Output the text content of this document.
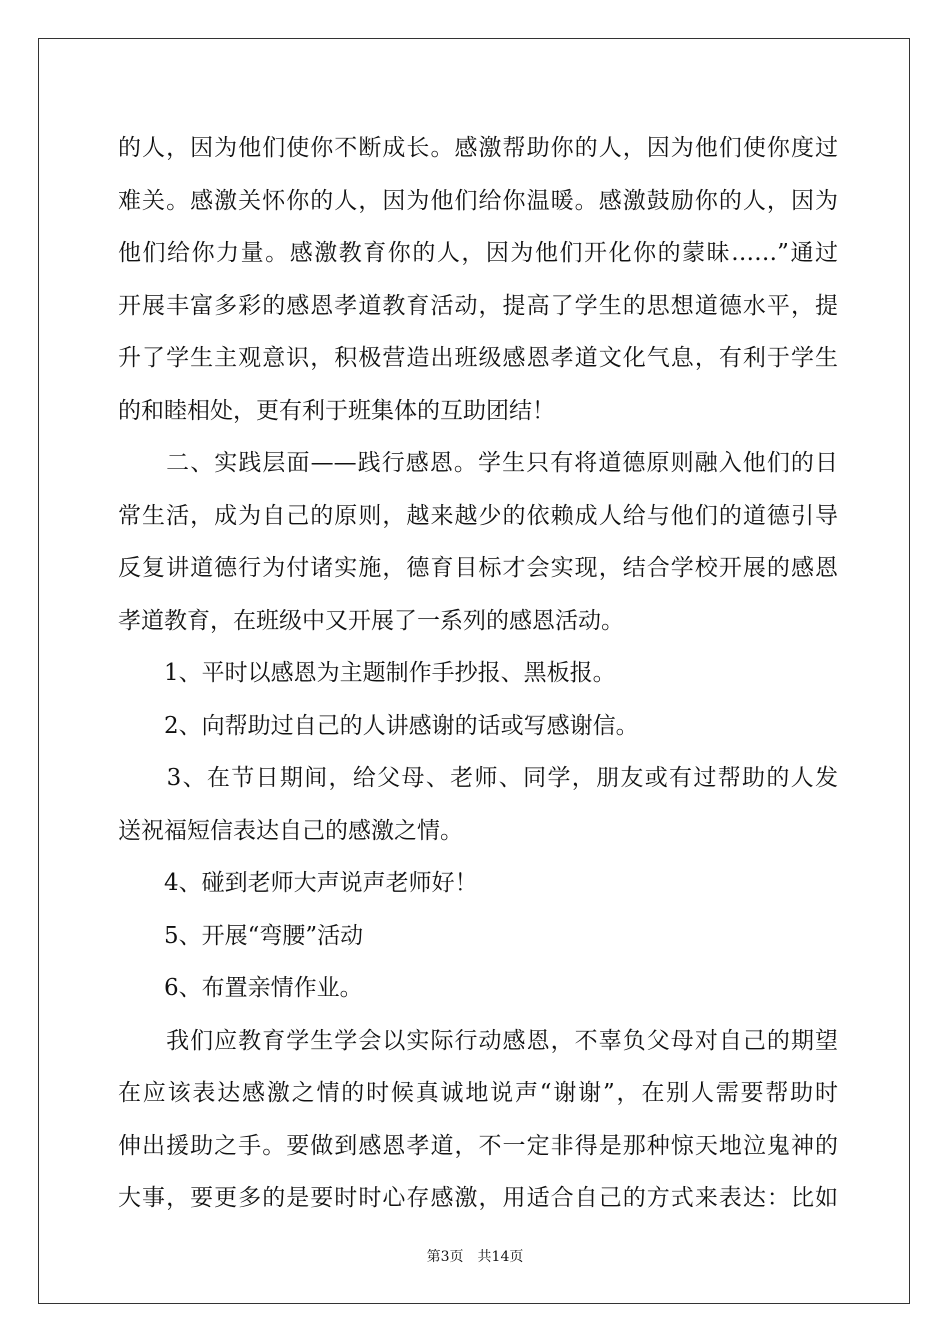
的人，因为他们使你不断成长。感激帮助你的人，因为他们使你度过
难关。感激关怀你的人，因为他们给你温暖。感激鼓励你的人，因为
他们给你力量。感激教育你的人，因为他们开化你的蒙昧……”通过
开展丰富多彩的感恩孝道教育活动，提高了学生的思想道德水平，提
升了学生主观意识，积极营造出班级感恩孝道文化气息，有利于学生
的和睦相处，更有利于班集体的互助团结！
　　二、实践层面——践行感恩。学生只有将道德原则融入他们的日
常生活，成为自己的原则，越来越少的依赖成人给与他们的道德引导
反复讲道德行为付诸实施，德育目标才会实现，结合学校开展的感恩
孝道教育，在班级中又开展了一系列的感恩活动。
　　1、平时以感恩为主题制作手抄报、黑板报。
　　2、向帮助过自己的人讲感谢的话或写感谢信。
　　3、在节日期间，给父母、老师、同学，朋友或有过帮助的人发
送祝福短信表达自己的感激之情。
　　4、碰到老师大声说声老师好！
　　5、开展“弯腰”活动
　　6、布置亲情作业。
　　我们应教育学生学会以实际行动感恩，不辜负父母对自己的期望
在应该表达感激之情的时候真诚地说声“谢谢”，在别人需要帮助时
伸出援助之手。要做到感恩孝道，不一定非得是那种惊天地泣鬼神的
大事，要更多的是要时时心存感激，用适合自己的方式来表达：比如
第3页　共14页
